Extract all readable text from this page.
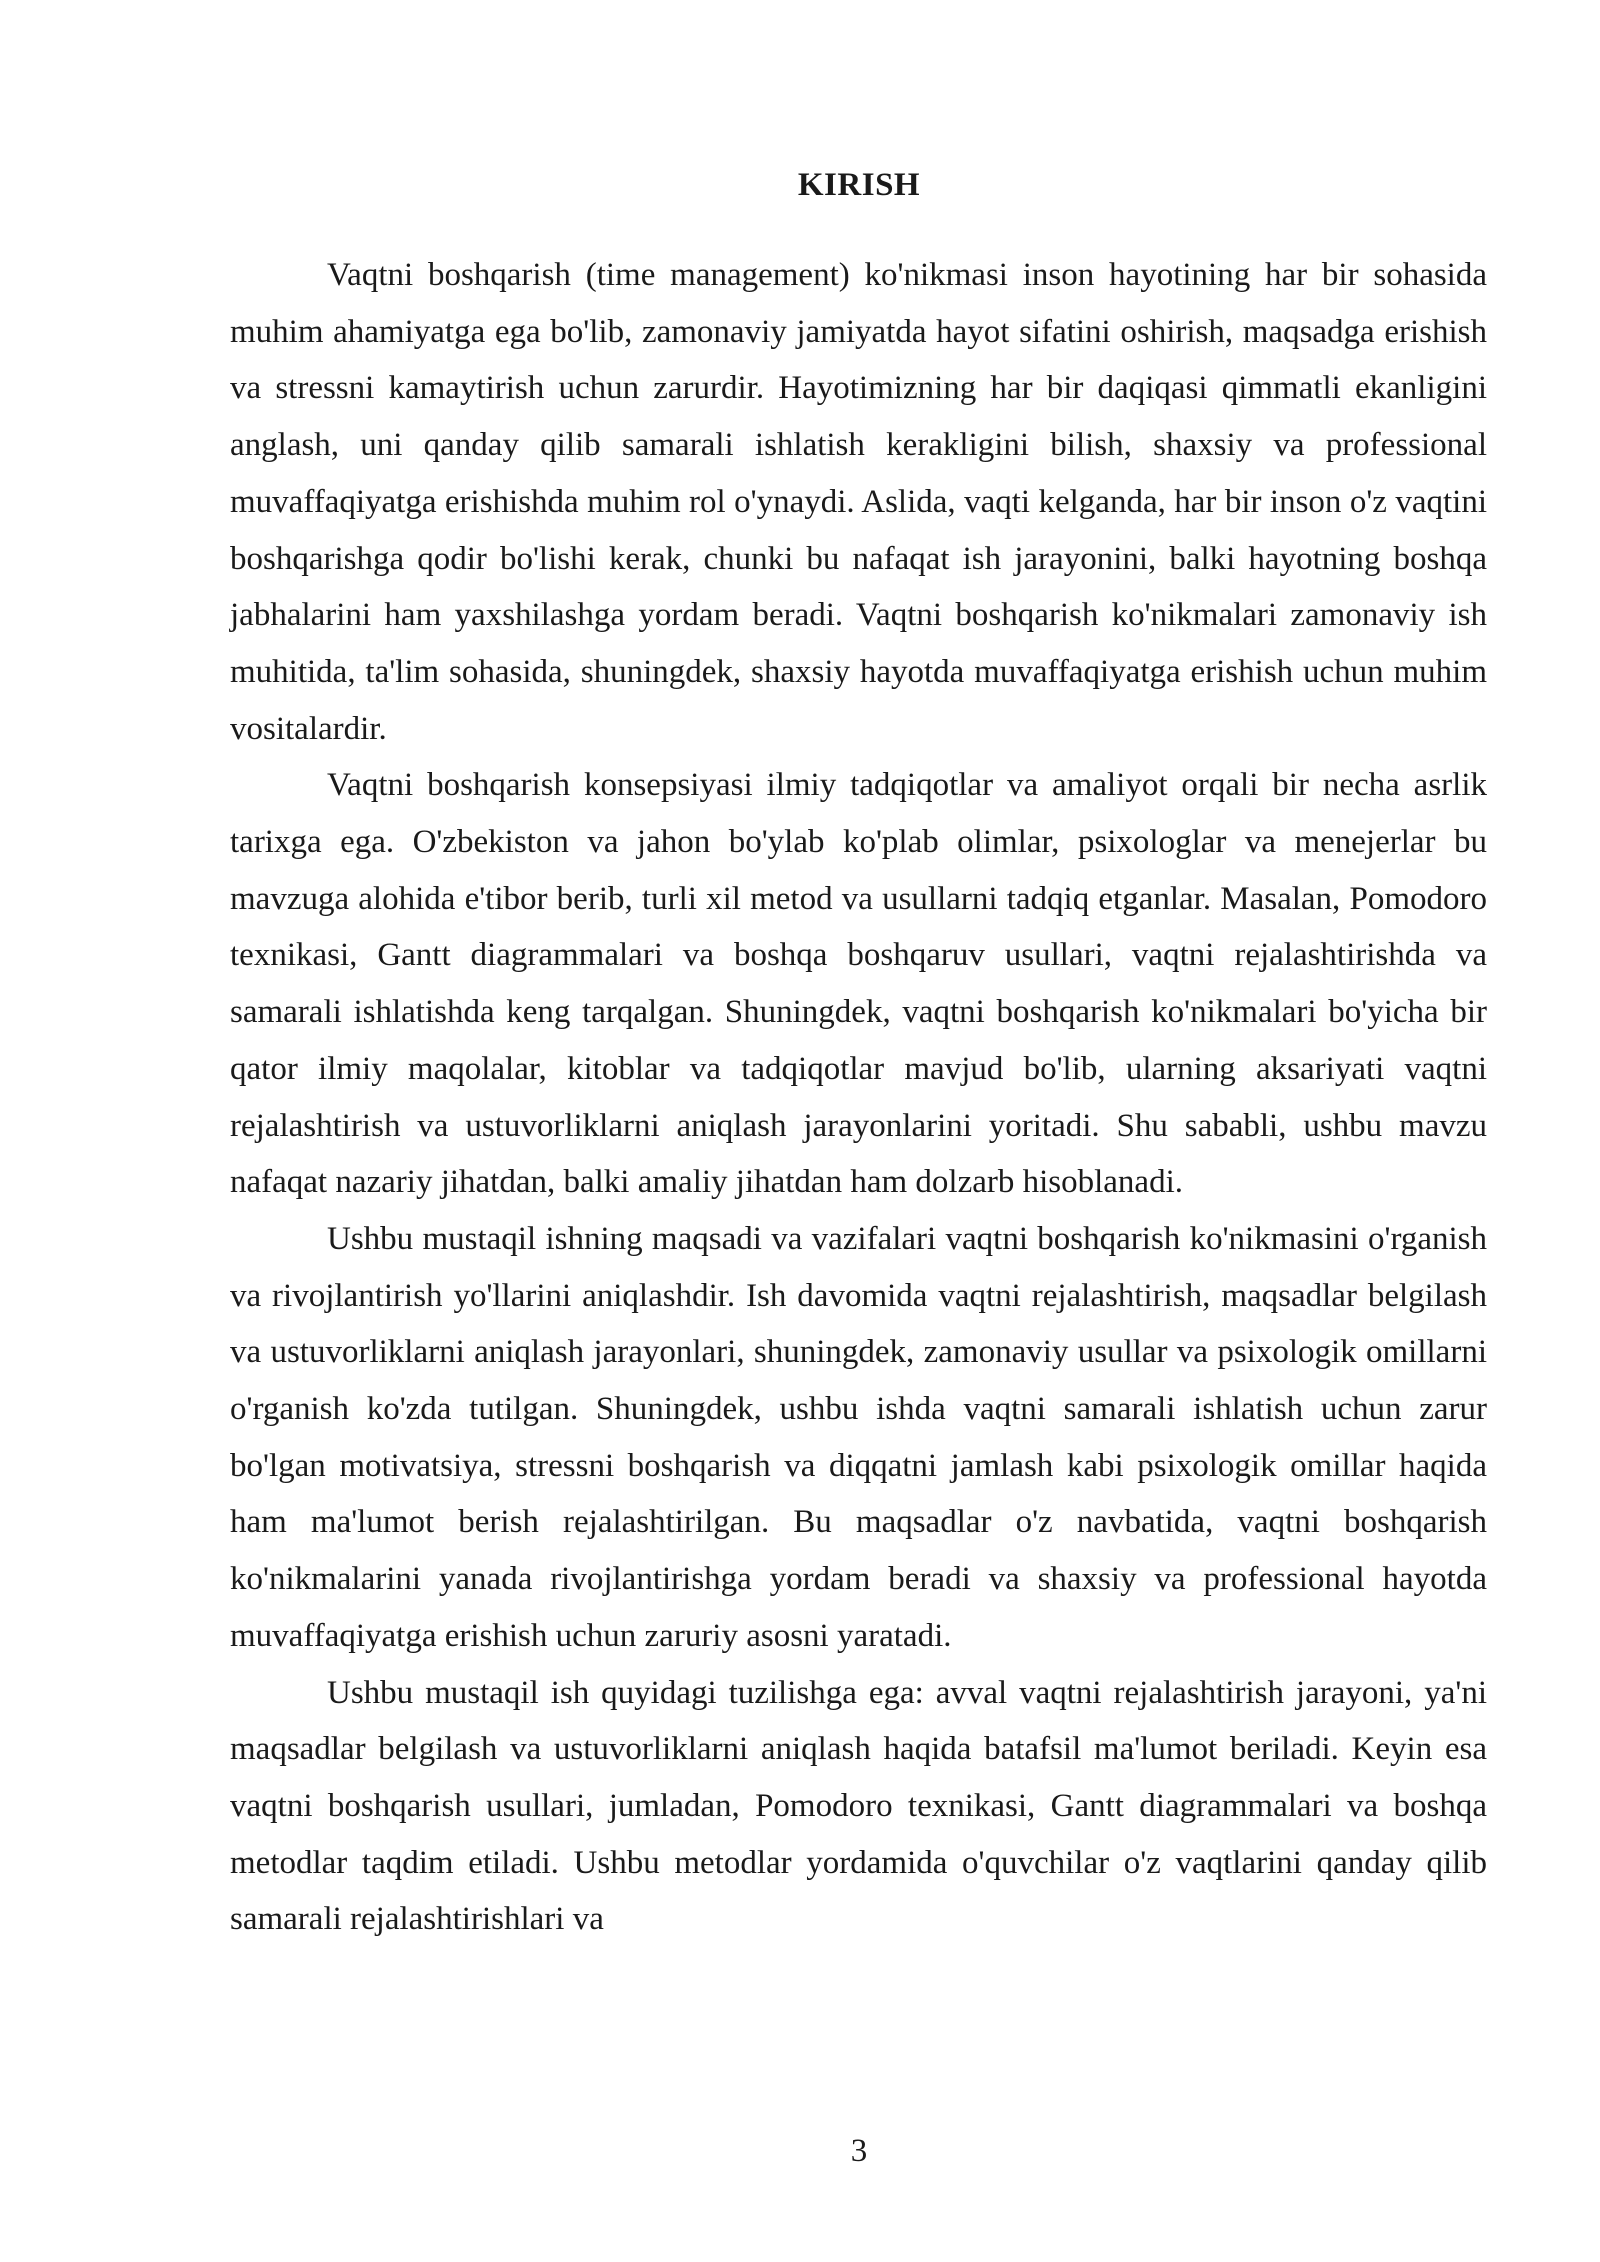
KIRISH

Vaqtni boshqarish (time management) ko'nikmasi inson hayotining har bir sohasida muhim ahamiyatga ega bo'lib, zamonaviy jamiyatda hayot sifatini oshirish, maqsadga erishish va stressni kamaytirish uchun zarurdir. Hayotimizning har bir daqiqasi qimmatli ekanligini anglash, uni qanday qilib samarali ishlatish kerakligini bilish, shaxsiy va professional muvaffaqiyatga erishishda muhim rol o'ynaydi. Aslida, vaqti kelganda, har bir inson o'z vaqtini boshqarishga qodir bo'lishi kerak, chunki bu nafaqat ish jarayonini, balki hayotning boshqa jabhalarini ham yaxshilashga yordam beradi. Vaqtni boshqarish ko'nikmalari zamonaviy ish muhitida, ta'lim sohasida, shuningdek, shaxsiy hayotda muvaffaqiyatga erishish uchun muhim vositalardir.

Vaqtni boshqarish konsepsiyasi ilmiy tadqiqotlar va amaliyot orqali bir necha asrlik tarixga ega. O'zbekiston va jahon bo'ylab ko'plab olimlar, psixologlar va menejerlar bu mavzuga alohida e'tibor berib, turli xil metod va usullarni tadqiq etganlar. Masalan, Pomodoro texnikasi, Gantt diagrammalari va boshqa boshqaruv usullari, vaqtni rejalashtirishda va samarali ishlatishda keng tarqalgan. Shuningdek, vaqtni boshqarish ko'nikmalari bo'yicha bir qator ilmiy maqolalar, kitoblar va tadqiqotlar mavjud bo'lib, ularning aksariyati vaqtni rejalashtirish va ustuvorliklarni aniqlash jarayonlarini yoritadi. Shu sababli, ushbu mavzu nafaqat nazariy jihatdan, balki amaliy jihatdan ham dolzarb hisoblanadi.

Ushbu mustaqil ishning maqsadi va vazifalari vaqtni boshqarish ko'nikmasini o'rganish va rivojlantirish yo'llarini aniqlashdir. Ish davomida vaqtni rejalashtirish, maqsadlar belgilash va ustuvorliklarni aniqlash jarayonlari, shuningdek, zamonaviy usullar va psixologik omillarni o'rganish ko'zda tutilgan. Shuningdek, ushbu ishda vaqtni samarali ishlatish uchun zarur bo'lgan motivatsiya, stressni boshqarish va diqqatni jamlash kabi psixologik omillar haqida ham ma'lumot berish rejalashtirilgan. Bu maqsadlar o'z navbatida, vaqtni boshqarish ko'nikmalarini yanada rivojlantirishga yordam beradi va shaxsiy va professional hayotda muvaffaqiyatga erishish uchun zaruriy asosni yaratadi.

Ushbu mustaqil ish quyidagi tuzilishga ega: avval vaqtni rejalashtirish jarayoni, ya'ni maqsadlar belgilash va ustuvorliklarni aniqlash haqida batafsil ma'lumot beriladi. Keyin esa vaqtni boshqarish usullari, jumladan, Pomodoro texnikasi, Gantt diagrammalari va boshqa metodlar taqdim etiladi. Ushbu metodlar yordamida o'quvchilar o'z vaqtlarini qanday qilib samarali rejalashtirishlari va

3
